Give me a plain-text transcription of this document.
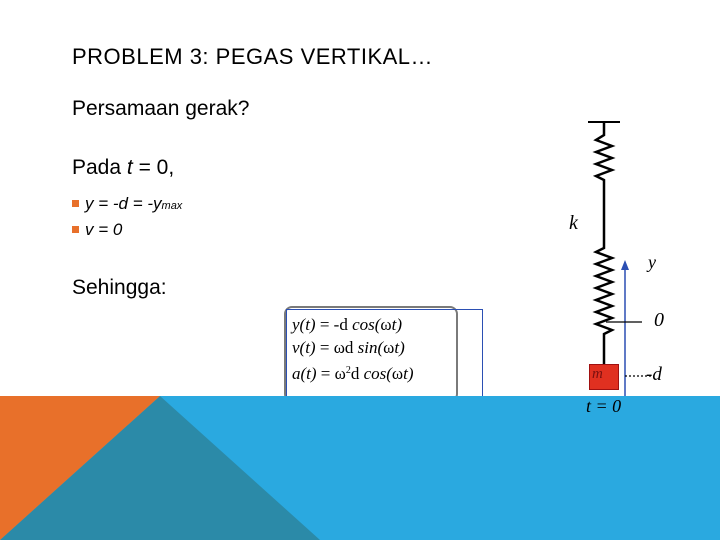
PROBLEM 3: PEGAS VERTIKAL…
Persamaan gerak?
Pada t = 0,
y = -d = -y max
v = 0
Sehingga:
y(t) = -d cos(ωt)
v(t) = ωd sin(ωt)
$a(t) = \omega^2d$ cos(ωt)	m
k
y
0
-d
t = 0
